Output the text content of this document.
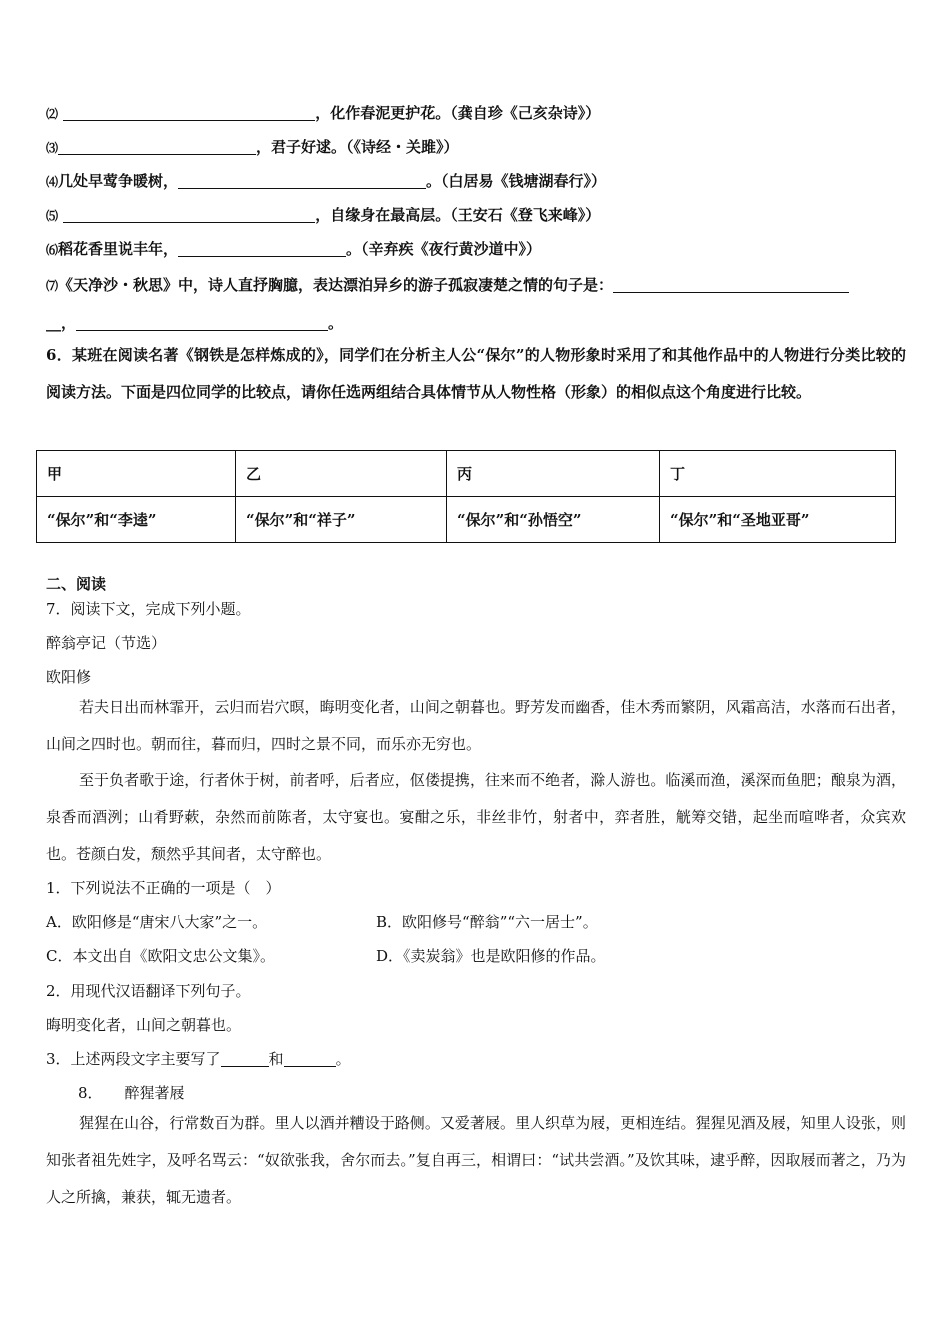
⑵	，化作春泥更护花。（龚自珍《己亥杂诗》）
⑶	，君子好逑。（《诗经・关雎》）
⑷几处早莺争暖树，	。（白居易《钱塘湖春行》）
⑸	，自缘身在最高层。（王安石《登飞来峰》）
⑹稻花香里说丰年，	。（辛弃疾《夜行黄沙道中》）
⑺《天净沙・秋思》中，诗人直抒胸臆，表达漂泊异乡的游子孤寂凄楚之情的句子是：
__，	。
6．某班在阅读名著《钢铁是怎样炼成的》，同学们在分析主人公“保尔”的人物形象时采用了和其他作品中的人物进行分类比较的阅读方法。下面是四位同学的比较点，请你任选两组结合具体情节从人物性格（形象）的相似点这个角度进行比较。
甲	乙	丙	丁
“保尔”和“李逵”	“保尔”和“祥子”	“保尔”和“孙悟空”	“保尔”和“圣地亚哥”
二、阅读
7．阅读下文，完成下列小题。
醉翁亭记（节选）
欧阳修
若夫日出而林霏开，云归而岩穴暝，晦明变化者，山间之朝暮也。野芳发而幽香，佳木秀而繁阴，风霜高洁，水落而石出者，山间之四时也。朝而往，暮而归，四时之景不同，而乐亦无穷也。
至于负者歌于途，行者休于树，前者呼，后者应，伛偻提携，往来而不绝者，滁人游也。临溪而渔，溪深而鱼肥；酿泉为酒，泉香而酒洌；山肴野蔌，杂然而前陈者，太守宴也。宴酣之乐，非丝非竹，射者中，弈者胜，觥筹交错，起坐而喧哗者，众宾欢也。苍颜白发，颓然乎其间者，太守醉也。
1．下列说法不正确的一项是（　）
A．欧阳修是“唐宋八大家”之一。	B．欧阳修号“醉翁”“六一居士”。
C．本文出自《欧阳文忠公文集》。	D．《卖炭翁》也是欧阳修的作品。
2．用现代汉语翻译下列句子。
晦明变化者，山间之朝暮也。
3．上述两段文字主要写了	和	。
8． 醉猩著屐
猩猩在山谷，行常数百为群。里人以酒并糟设于路侧。又爱著屐。里人织草为屐，更相连结。猩猩见酒及屐，知里人设张，则知张者祖先姓字，及呼名骂云：“奴欲张我，舍尔而去。”复自再三，相谓曰：“试共尝酒。”及饮其味，逮乎醉，因取屐而著之，乃为人之所擒，兼获，辄无遗者。
